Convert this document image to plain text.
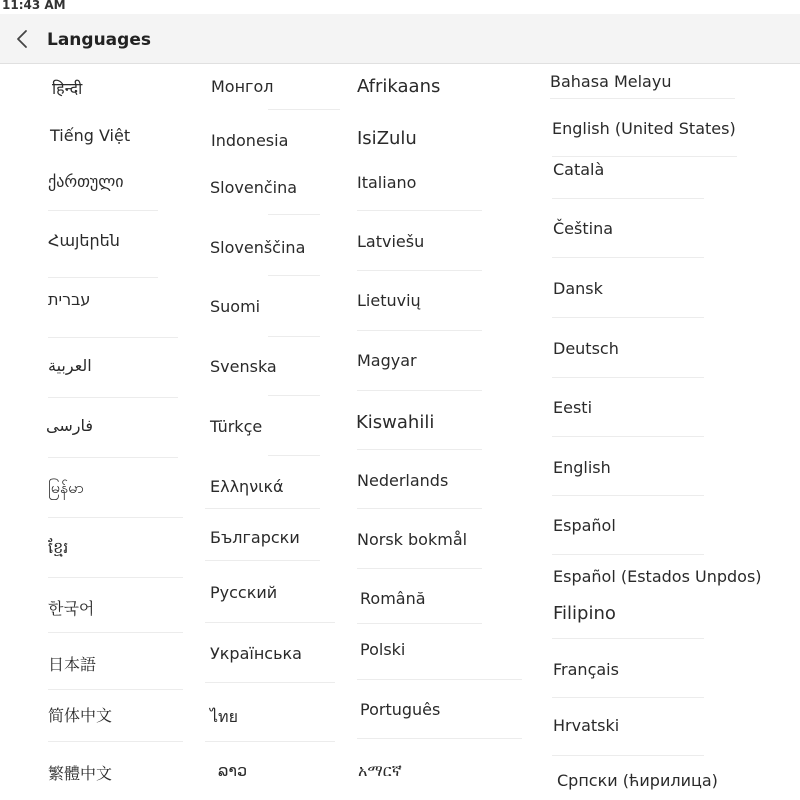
11:43 AM
Languages
हिन्दी
Tiếng Việt
ქართული
Հայերեն
עברית
العربية
فارسی
မြန်မာ
ខ្មែរ
한국어
日本語
简体中文
繁體中文
Монгол
Indonesia
Slovenčina
Slovenščina
Suomi
Svenska
Türkçe
Ελληνικά
Български
Русский
Українська
ไทย
ລາວ
Afrikaans
IsiZulu
Italiano
Latviešu
Lietuvių
Magyar
Kiswahili
Nederlands
Norsk bokmål
Română
Polski
Português
አማርኛ
Bahasa Melayu
English (United States)
Català
Čeština
Dansk
Deutsch
Eesti
English
Español
Español (Estados Unpdos)
Filipino
Français
Hrvatski
Српски (ћирилица)
